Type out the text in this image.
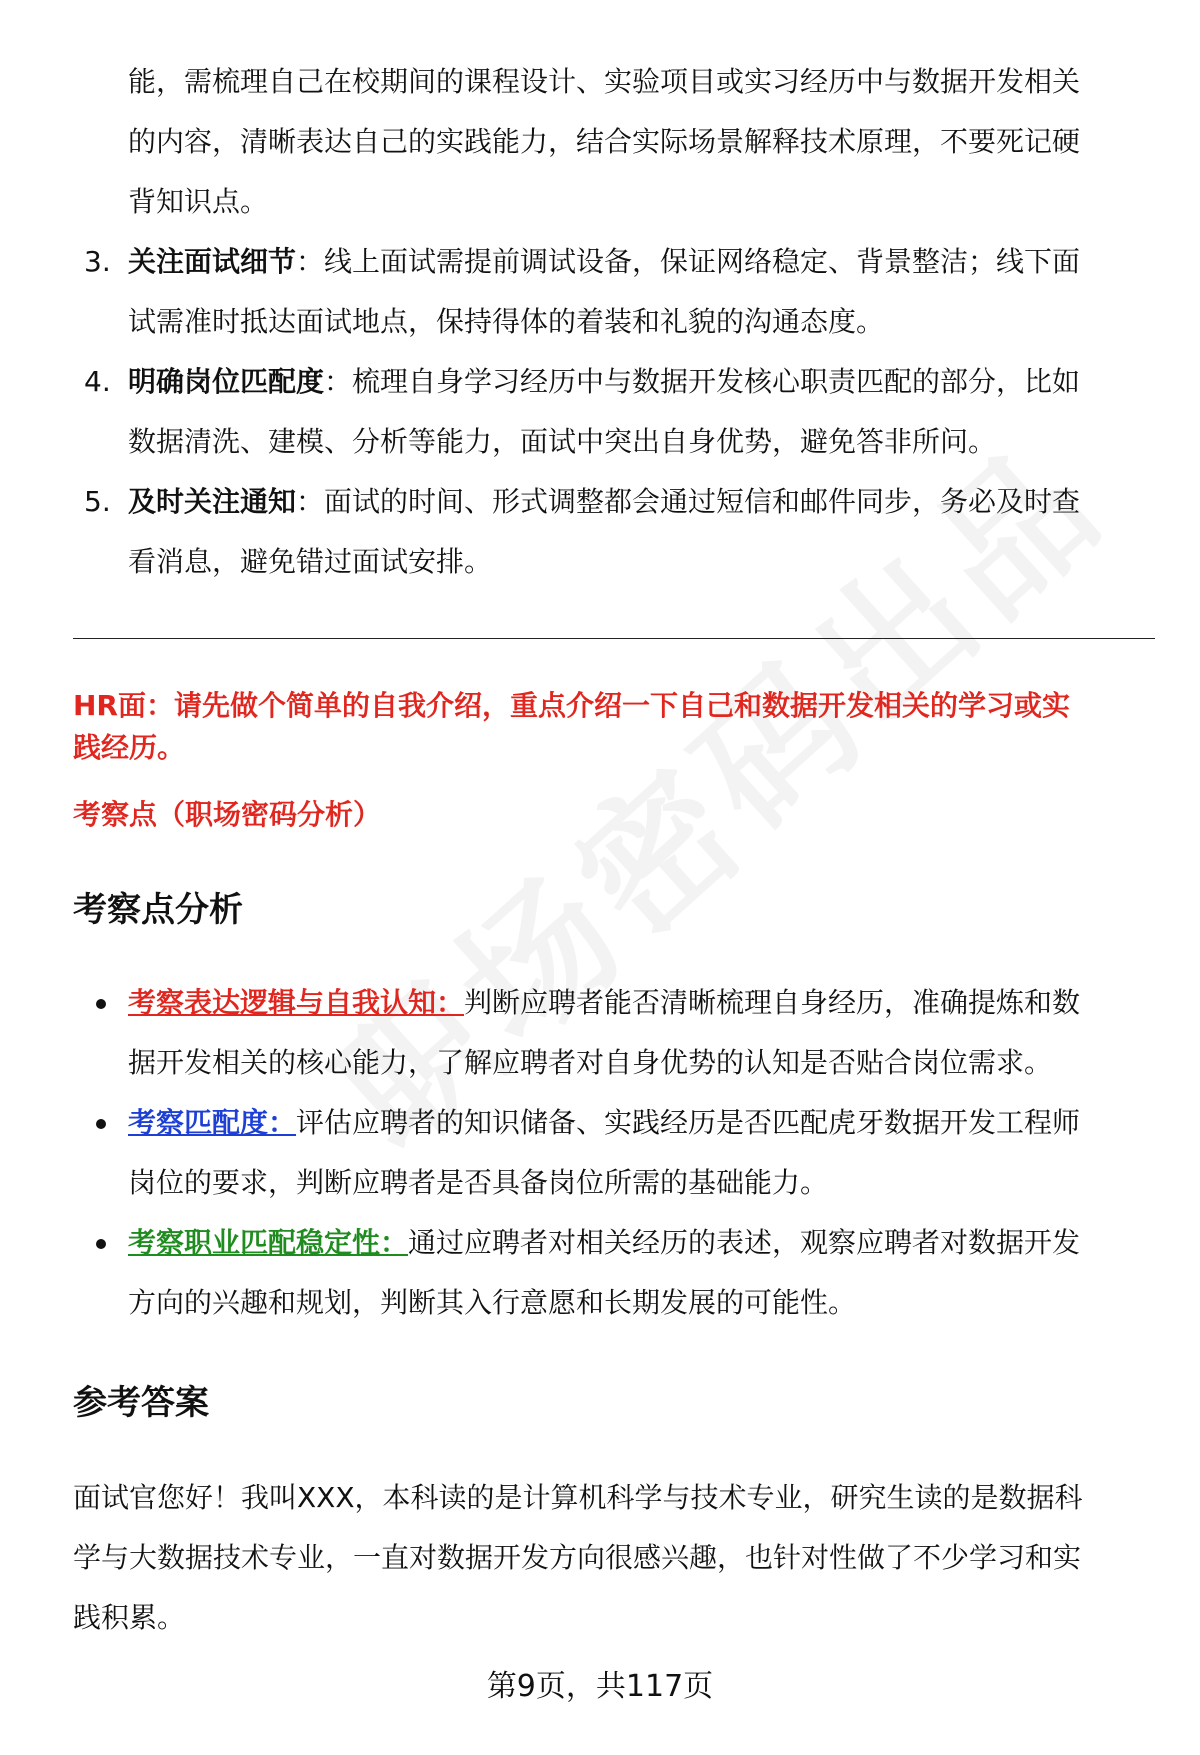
能，需梳理自己在校期间的课程设计、实验项目或实习经历中与数据开发相关
的内容，清晰表达自己的实践能力，结合实际场景解释技术原理，不要死记硬
背知识点。
3. 关注面试细节：线上面试需提前调试设备，保证网络稳定、背景整洁；线下面
试需准时抵达面试地点，保持得体的着装和礼貌的沟通态度。
4. 明确岗位匹配度：梳理自身学习经历中与数据开发核心职责匹配的部分，比如
数据清洗、建模、分析等能力，面试中突出自身优势，避免答非所问。
5. 及时关注通知：面试的时间、形式调整都会通过短信和邮件同步，务必及时查
看消息，避免错过面试安排。
HR面：请先做个简单的自我介绍，重点介绍一下自己和数据开发相关的学习或实
践经历。
考察点（职场密码分析）
考察点分析
考察表达逻辑与自我认知：判断应聘者能否清晰梳理自身经历，准确提炼和数
据开发相关的核心能力，了解应聘者对自身优势的认知是否贴合岗位需求。
考察匹配度：评估应聘者的知识储备、实践经历是否匹配虎牙数据开发工程师
岗位的要求，判断应聘者是否具备岗位所需的基础能力。
考察职业匹配稳定性：通过应聘者对相关经历的表述，观察应聘者对数据开发
方向的兴趣和规划，判断其入行意愿和长期发展的可能性。
参考答案
面试官您好！我叫XXX，本科读的是计算机科学与技术专业，研究生读的是数据科
学与大数据技术专业，一直对数据开发方向很感兴趣，也针对性做了不少学习和实
践积累。
第9页，共117页
